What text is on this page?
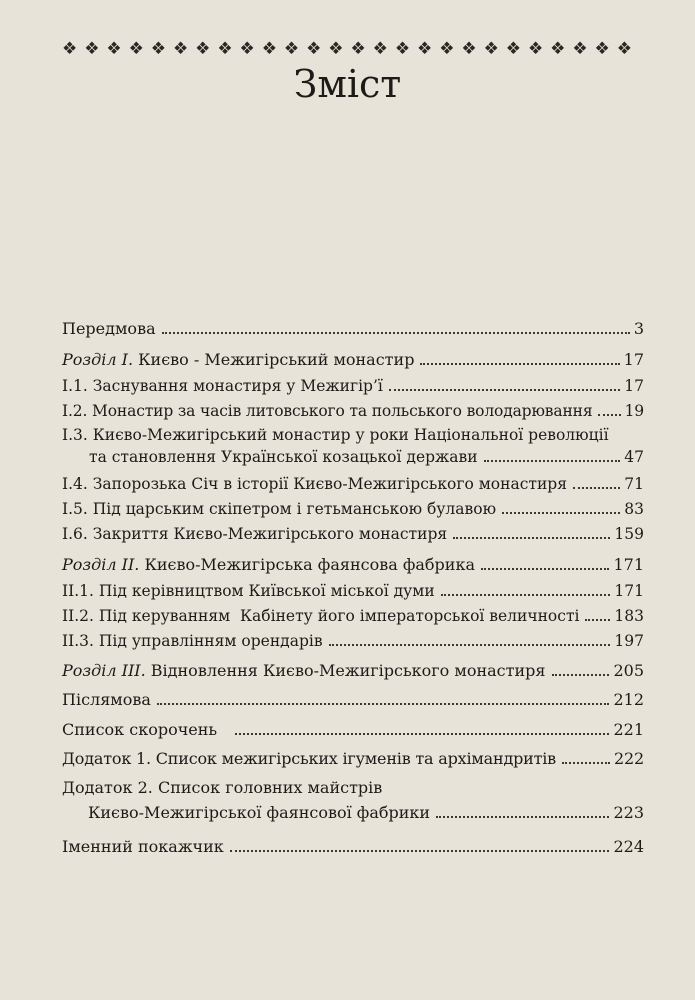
❖ ❖ ❖ ❖ ❖ ❖ ❖ ❖ ❖ ❖ ❖ ❖ ❖ ❖ ❖ ❖ ❖ ❖ ❖ ❖ ❖ ❖ ❖ ❖ ❖ ❖
Зміст
Передмова	3
Розділ І. Києво - Межигірський монастир	17
І.1. Заснування монастиря у Межигір’ї	17
І.2. Монастир за часів литовського та польського володарювання 19
І.3. Києво-Межигірський монастир у роки Національної революції
та становлення Української козацької держави	47
І.4. Запорозька Січ в історії Києво-Межигірського монастиря	71
І.5. Під царським скіпетром і гетьманською булавою	83
І.6. Закриття Києво-Межигірського монастиря	159
Розділ ІІ. Києво-Межигірська фаянсова фабрика	171
ІІ.1. Під керівництвом Київської міської думи	171
ІІ.2. Під керуванням  Кабінету його імператорської величності 183
ІІ.3. Під управлінням орендарів	197
Розділ ІІІ. Відновлення Києво-Межигірського монастиря	205
Післямова	212
Список скорочень	221
Додаток 1. Список межигірських ігуменів та архімандритів	222
Додаток 2. Список головних майстрів
Києво-Межигірської фаянсової фабрики	223
Іменний покажчик	224
